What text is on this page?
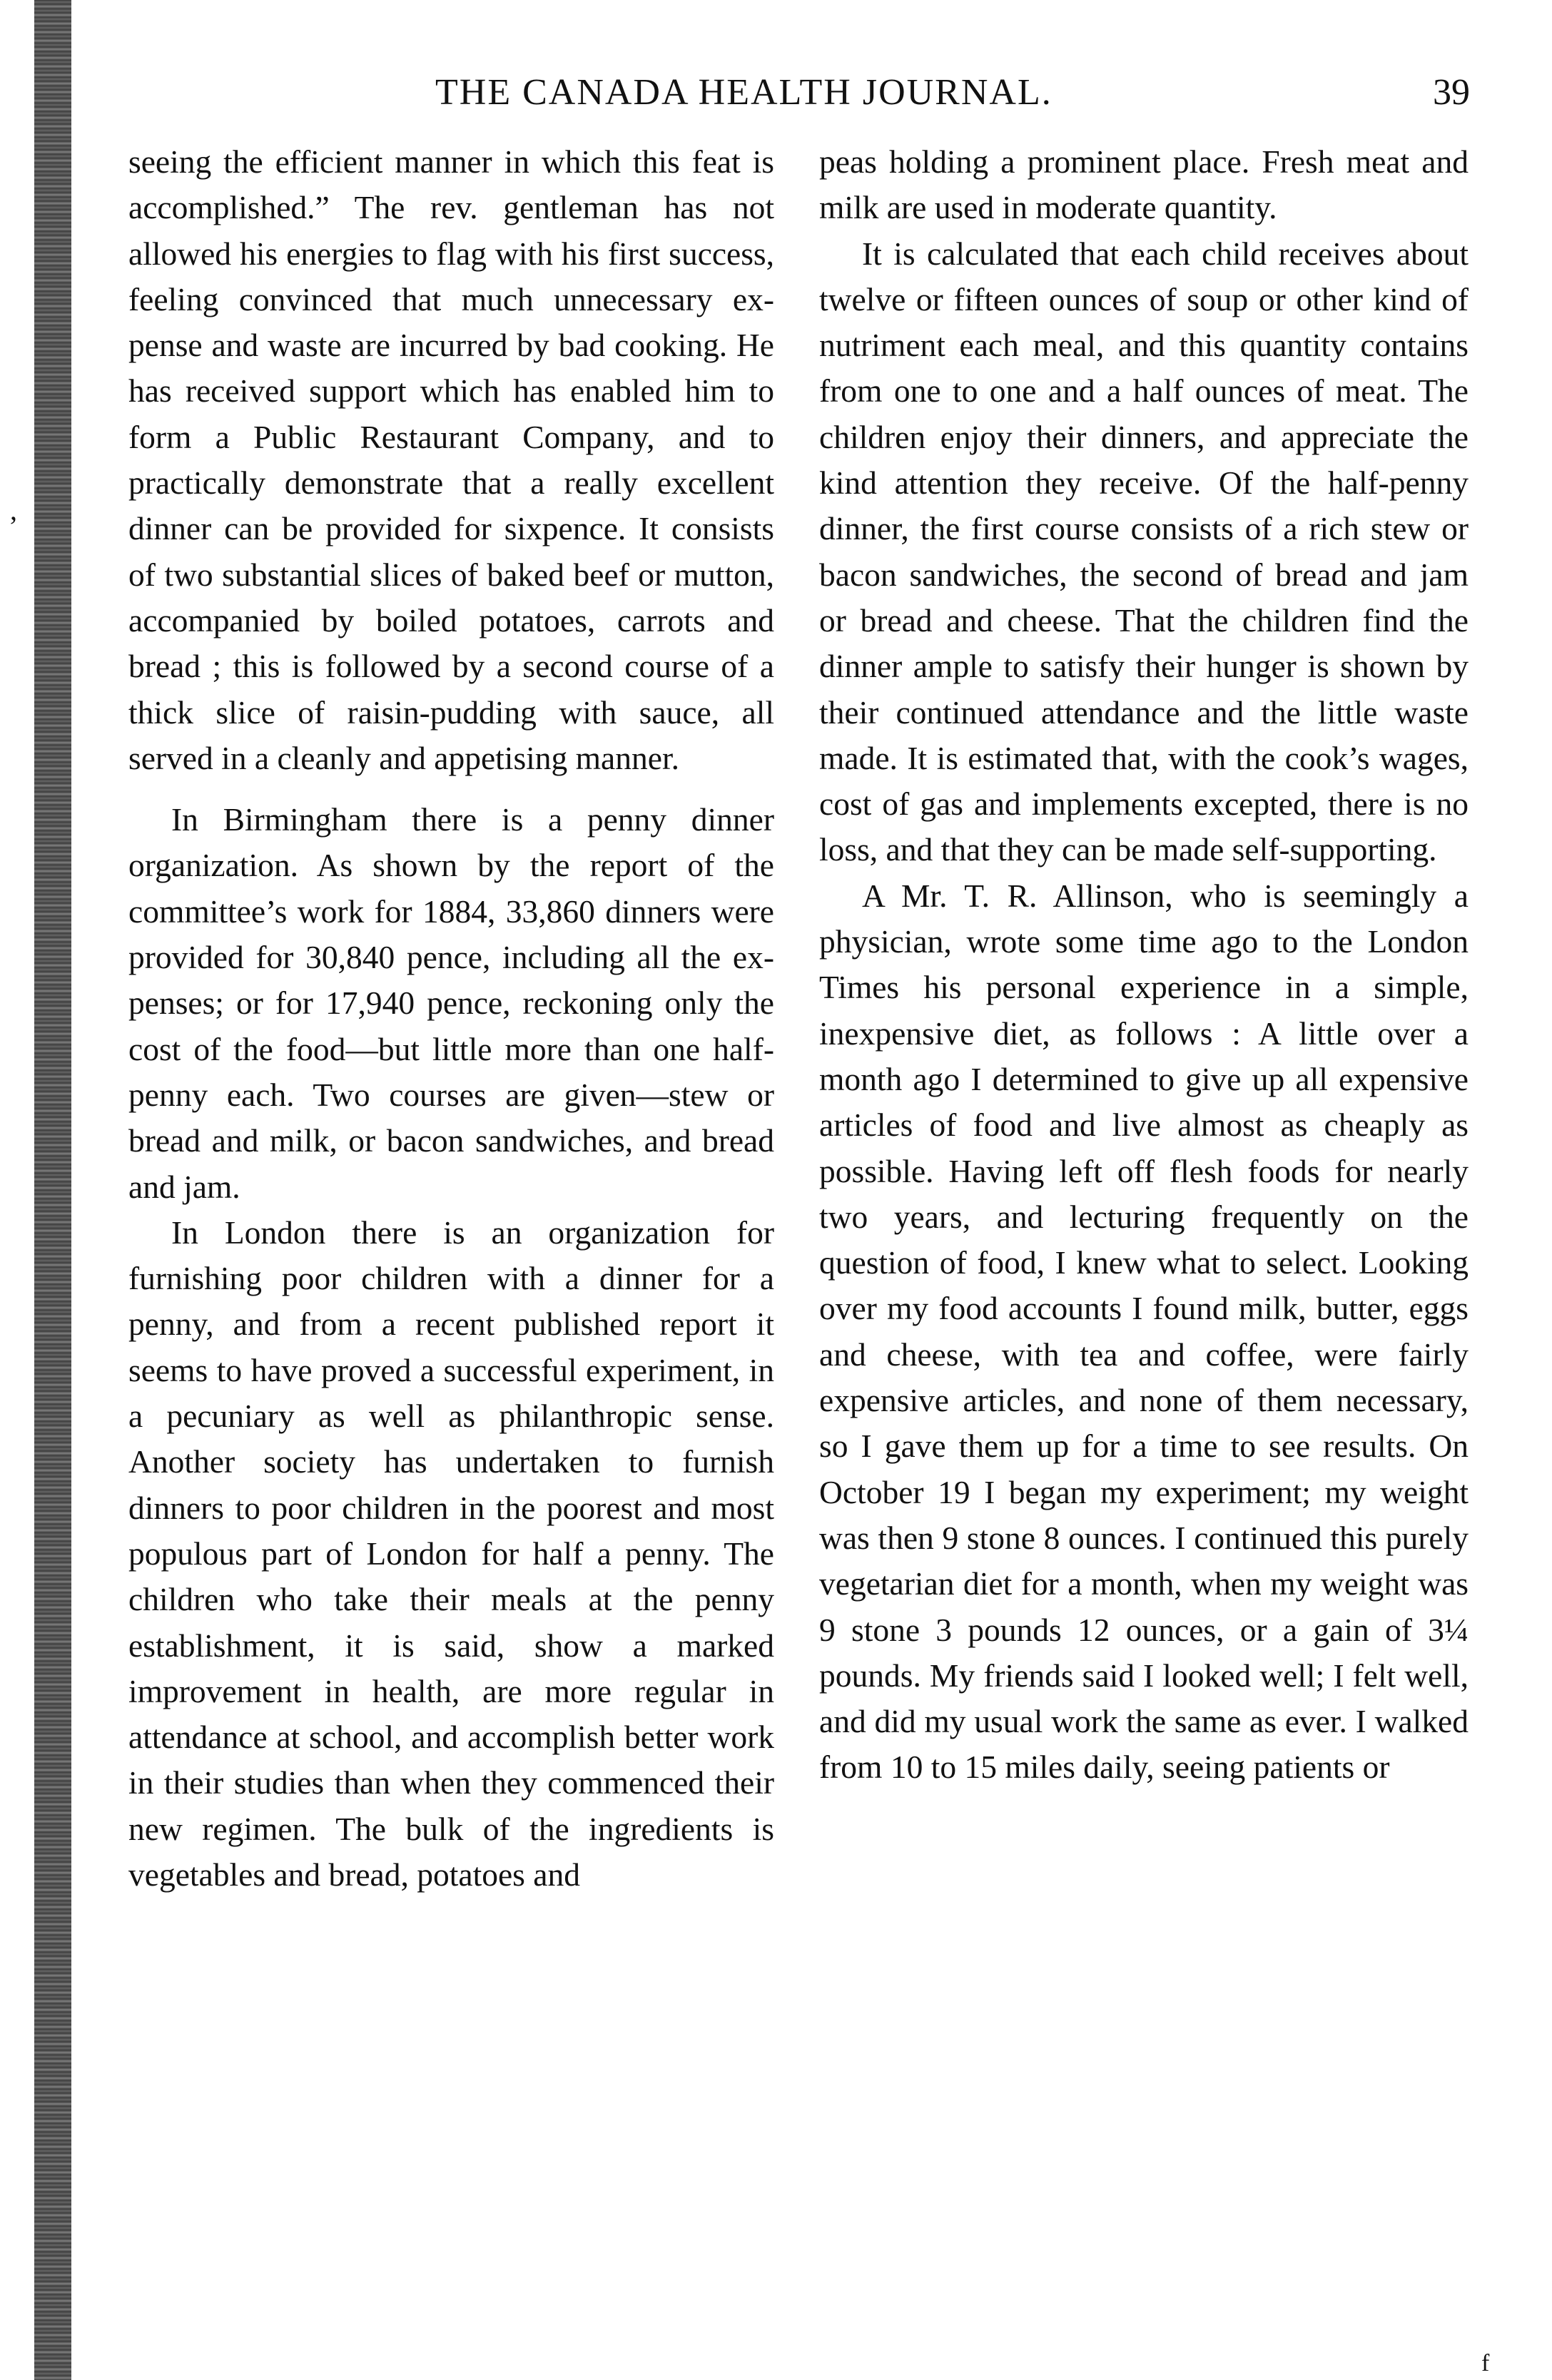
’
THE CANADA HEALTH JOURNAL.	39

seeing the efficient manner in which this feat is accomplished.” The rev. gentleman has not allowed his energies to flag with his first success, feeling convinced that much unnecessary expense and waste are incurred by bad cooking. He has received support which has enabled him to form a Public Restaurant Company, and to practically demonstrate that a really excellent dinner can be provided for sixpence. It consists of two substantial slices of baked beef or mutton, accompanied by boiled potatoes, carrots and bread ; this is followed by a second course of a thick slice of raisin-pudding with sauce, all served in a cleanly and appetising manner.

In Birmingham there is a penny dinner organization. As shown by the report of the committee’s work for 1884, 33,860 dinners were provided for 30,840 pence, including all the expenses; or for 17,940 pence, reckoning only the cost of the food—but little more than one half-penny each. Two courses are given—stew or bread and milk, or bacon sandwiches, and bread and jam.

In London there is an organization for furnishing poor children with a dinner for a penny, and from a recent published report it seems to have proved a successful experiment, in a pecuniary as well as philanthropic sense. Another society has undertaken to furnish dinners to poor children in the poorest and most populous part of London for half a penny. The children who take their meals at the penny establishment, it is said, show a marked improvement in health, are more regular in attendance at school, and accomplish better work in their studies than when they commenced their new regimen. The bulk of the ingredients is vegetables and bread, potatoes and

peas holding a prominent place. Fresh meat and milk are used in moderate quantity.

It is calculated that each child receives about twelve or fifteen ounces of soup or other kind of nutriment each meal, and this quantity contains from one to one and a half ounces of meat. The children enjoy their dinners, and appreciate the kind attention they receive. Of the half-penny dinner, the first course consists of a rich stew or bacon sandwiches, the second of bread and jam or bread and cheese. That the children find the dinner ample to satisfy their hunger is shown by their continued attendance and the little waste made. It is estimated that, with the cook’s wages, cost of gas and implements excepted, there is no loss, and that they can be made self-supporting.

A Mr. T. R. Allinson, who is seemingly a physician, wrote some time ago to the London Times his personal experience in a simple, inexpensive diet, as follows : A little over a month ago I determined to give up all expensive articles of food and live almost as cheaply as possible. Having left off flesh foods for nearly two years, and lecturing frequently on the question of food, I knew what to select. Looking over my food accounts I found milk, butter, eggs and cheese, with tea and coffee, were fairly expensive articles, and none of them necessary, so I gave them up for a time to see results. On October 19 I began my experiment; my weight was then 9 stone 8 ounces. I continued this purely vegetarian diet for a month, when my weight was 9 stone 3 pounds 12 ounces, or a gain of 3¼ pounds. My friends said I looked well; I felt well, and did my usual work the same as ever. I walked from 10 to 15 miles daily, seeing patients or

f
